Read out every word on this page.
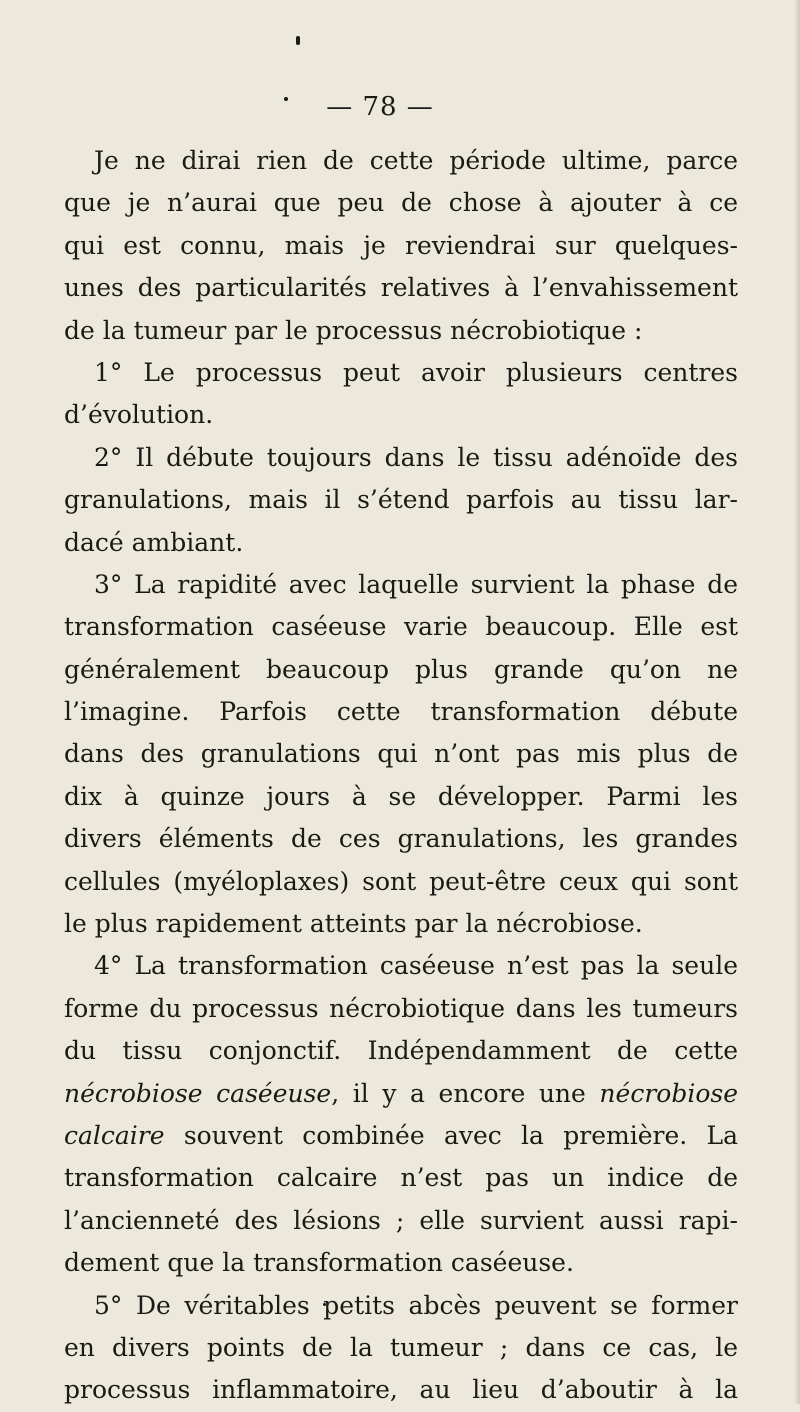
— 78 —
Je ne dirai rien de cette période ultime, parce
que je n’aurai que peu de chose à ajouter à ce
qui est connu, mais je reviendrai sur quelques-
unes des particularités relatives à l’envahissement
de la tumeur par le processus nécrobiotique :
1° Le processus peut avoir plusieurs centres
d’évolution.
2° Il débute toujours dans le tissu adénoïde des
granulations, mais il s’étend parfois au tissu lar-
dacé ambiant.
3° La rapidité avec laquelle survient la phase de
transformation caséeuse varie beaucoup. Elle est
généralement beaucoup plus grande qu’on ne
l’imagine. Parfois cette transformation débute
dans des granulations qui n’ont pas mis plus de
dix à quinze jours à se développer. Parmi les
divers éléments de ces granulations, les grandes
cellules (myéloplaxes) sont peut-être ceux qui sont
le plus rapidement atteints par la nécrobiose.
4° La transformation caséeuse n’est pas la seule
forme du processus nécrobiotique dans les tumeurs
du tissu conjonctif. Indépendamment de cette
nécrobiose caséeuse, il y a encore une nécrobiose
calcaire souvent combinée avec la première. La
transformation calcaire n’est pas un indice de
l’ancienneté des lésions ; elle survient aussi rapi-
dement que la transformation caséeuse.
5° De véritables petits abcès peuvent se former
en divers points de la tumeur ; dans ce cas, le
processus inflammatoire, au lieu d’aboutir à la
